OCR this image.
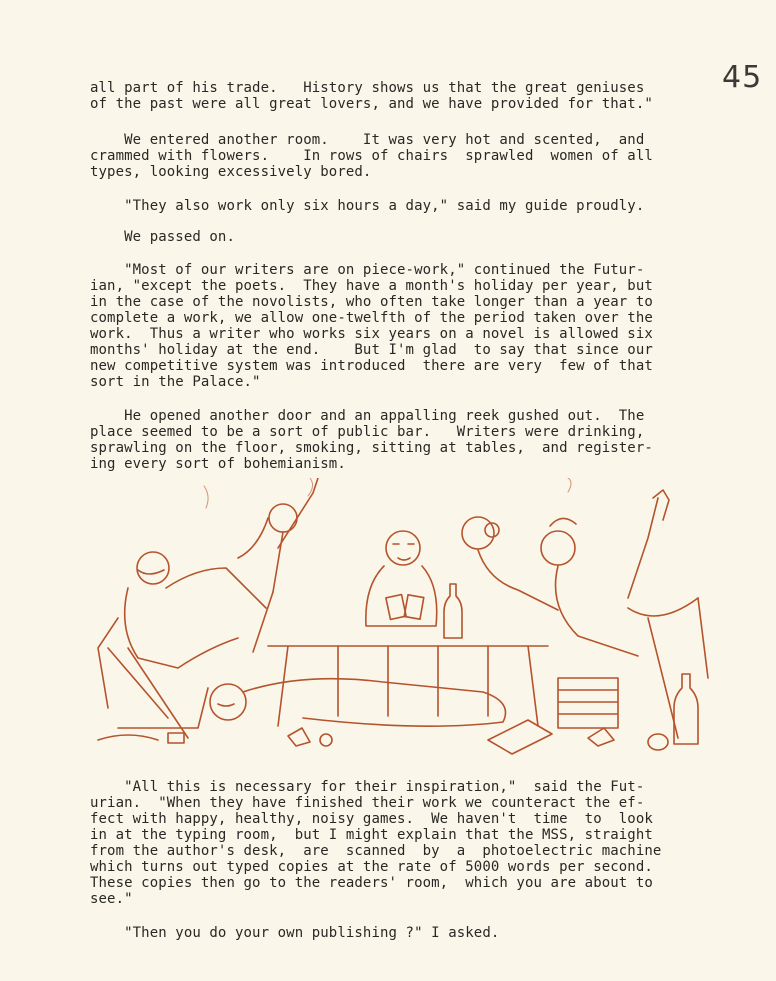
45

all part of his trade.   History shows us that the great geniuses
of the past were all great lovers, and we have provided for that."

We entered another room.    It was very hot and scented,  and
crammed with flowers.    In rows of chairs  sprawled  women of all
types, looking excessively bored.

"They also work only six hours a day," said my guide proudly.

We passed on.

"Most of our writers are on piece-work," continued the Futur-
ian, "except the poets.  They have a month's holiday per year, but
in the case of the novolists, who often take longer than a year to
complete a work, we allow one-twelfth of the period taken over the
work.  Thus a writer who works six years on a novel is allowed six
months' holiday at the end.    But I'm glad  to say that since our
new competitive system was introduced  there are very  few of that
sort in the Palace."

He opened another door and an appalling reek gushed out.  The
place seemed to be a sort of public bar.   Writers were drinking,
sprawling on the floor, smoking, sitting at tables,  and register-
ing every sort of bohemianism.

"All this is necessary for their inspiration,"  said the Fut-
urian.  "When they have finished their work we counteract the ef-
fect with happy, healthy, noisy games.  We haven't  time  to  look
in at the typing room,  but I might explain that the MSS, straight
from the author's desk,  are  scanned  by  a  photoelectric machine
which turns out typed copies at the rate of 5000 words per second.
These copies then go to the readers' room,  which you are about to
see."

"Then you do your own publishing ?" I asked.
